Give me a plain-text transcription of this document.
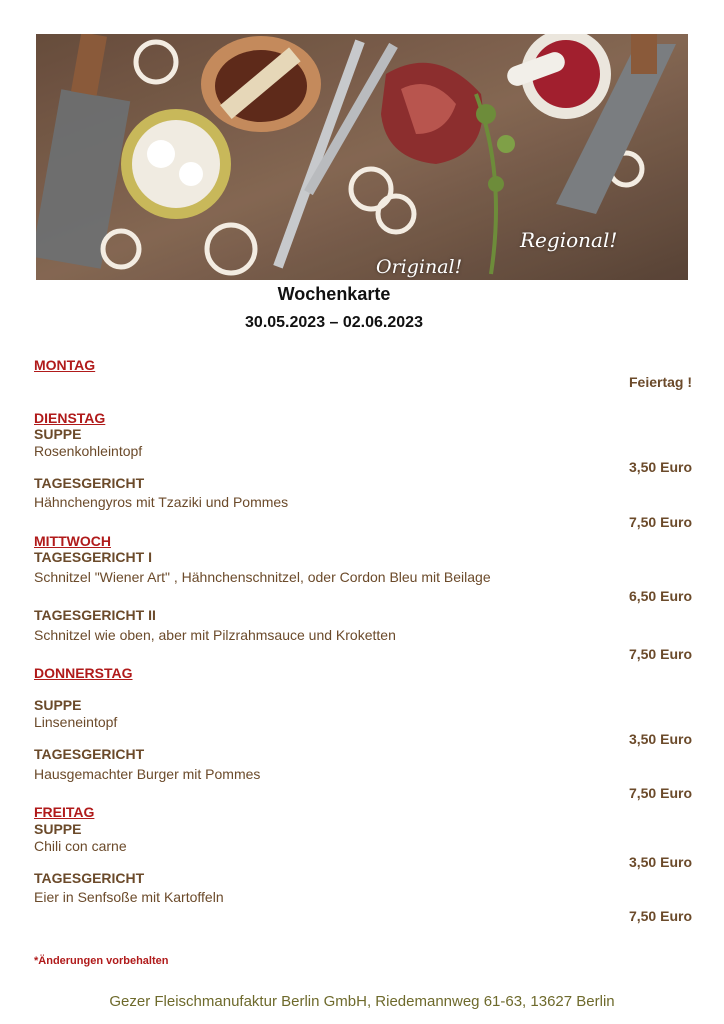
Original!
Regional!
Wochenkarte
30.05.2023 – 02.06.2023
MONTAG
Feiertag !
DIENSTAG
SUPPE
Rosenkohleintopf
3,50 Euro
TAGESGERICHT
Hähnchengyros mit Tzaziki und Pommes
7,50 Euro
MITTWOCH
TAGESGERICHT I
Schnitzel "Wiener Art" , Hähnchenschnitzel, oder Cordon Bleu mit Beilage
6,50 Euro
TAGESGERICHT II
Schnitzel wie oben, aber mit Pilzrahmsauce und Kroketten
7,50 Euro
DONNERSTAG
SUPPE
Linseneintopf
3,50 Euro
TAGESGERICHT
Hausgemachter Burger mit Pommes
7,50 Euro
FREITAG
SUPPE
Chili con carne
3,50 Euro
TAGESGERICHT
Eier in Senfsoße mit Kartoffeln
7,50 Euro
*Änderungen vorbehalten
Gezer Fleischmanufaktur Berlin GmbH, Riedemannweg 61-63, 13627 Berlin
